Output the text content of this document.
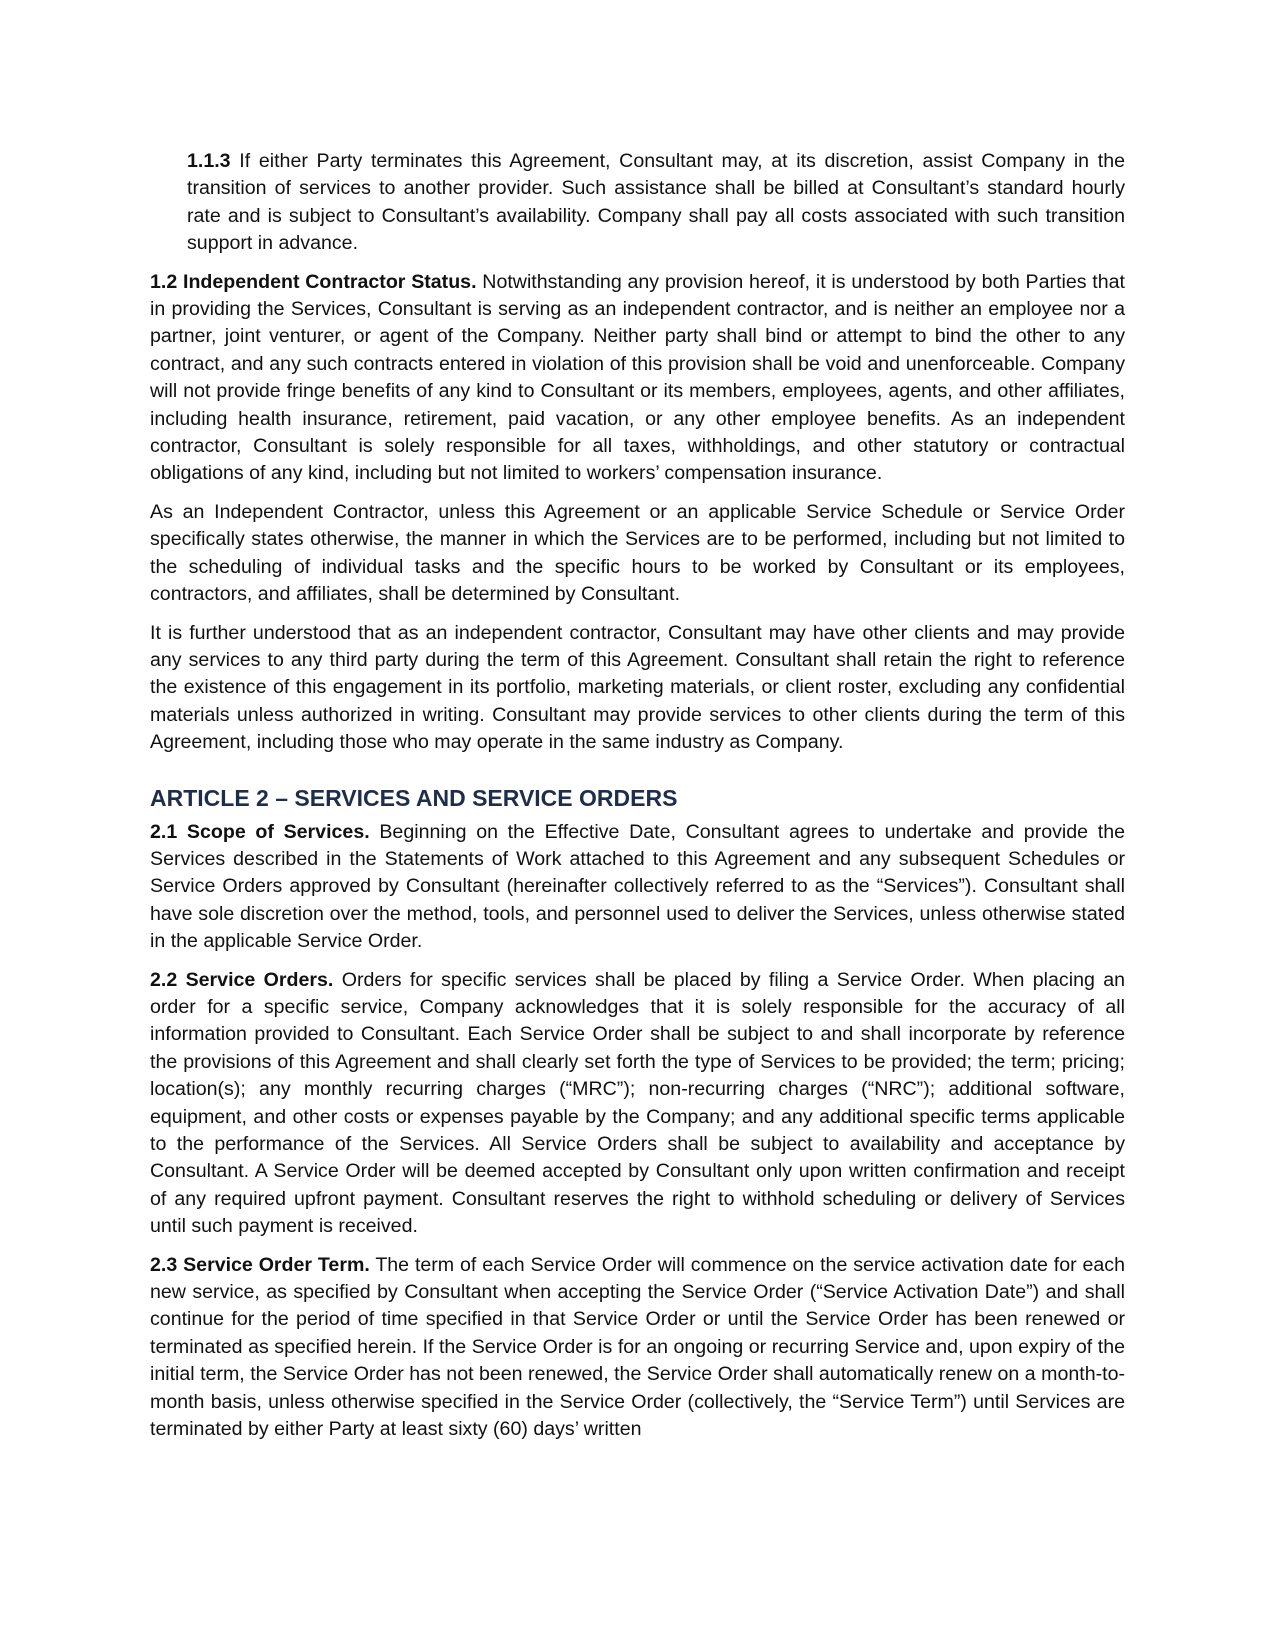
1.1.3 If either Party terminates this Agreement, Consultant may, at its discretion, assist Company in the transition of services to another provider. Such assistance shall be billed at Consultant’s standard hourly rate and is subject to Consultant’s availability. Company shall pay all costs associated with such transition support in advance.

1.2 Independent Contractor Status. Notwithstanding any provision hereof, it is understood by both Parties that in providing the Services, Consultant is serving as an independent contractor, and is neither an employee nor a partner, joint venturer, or agent of the Company. Neither party shall bind or attempt to bind the other to any contract, and any such contracts entered in violation of this provision shall be void and unenforceable. Company will not provide fringe benefits of any kind to Consultant or its members, employees, agents, and other affiliates, including health insurance, retirement, paid vacation, or any other employee benefits. As an independent contractor, Consultant is solely responsible for all taxes, withholdings, and other statutory or contractual obligations of any kind, including but not limited to workers’ compensation insurance.

As an Independent Contractor, unless this Agreement or an applicable Service Schedule or Service Order specifically states otherwise, the manner in which the Services are to be performed, including but not limited to the scheduling of individual tasks and the specific hours to be worked by Consultant or its employees, contractors, and affiliates, shall be determined by Consultant.

It is further understood that as an independent contractor, Consultant may have other clients and may provide any services to any third party during the term of this Agreement. Consultant shall retain the right to reference the existence of this engagement in its portfolio, marketing materials, or client roster, excluding any confidential materials unless authorized in writing. Consultant may provide services to other clients during the term of this Agreement, including those who may operate in the same industry as Company.

ARTICLE 2 – SERVICES AND SERVICE ORDERS

2.1 Scope of Services. Beginning on the Effective Date, Consultant agrees to undertake and provide the Services described in the Statements of Work attached to this Agreement and any subsequent Schedules or Service Orders approved by Consultant (hereinafter collectively referred to as the “Services”). Consultant shall have sole discretion over the method, tools, and personnel used to deliver the Services, unless otherwise stated in the applicable Service Order.

2.2 Service Orders. Orders for specific services shall be placed by filing a Service Order. When placing an order for a specific service, Company acknowledges that it is solely responsible for the accuracy of all information provided to Consultant. Each Service Order shall be subject to and shall incorporate by reference the provisions of this Agreement and shall clearly set forth the type of Services to be provided; the term; pricing; location(s); any monthly recurring charges (“MRC”); non-recurring charges (“NRC”); additional software, equipment, and other costs or expenses payable by the Company; and any additional specific terms applicable to the performance of the Services. All Service Orders shall be subject to availability and acceptance by Consultant. A Service Order will be deemed accepted by Consultant only upon written confirmation and receipt of any required upfront payment. Consultant reserves the right to withhold scheduling or delivery of Services until such payment is received.

2.3 Service Order Term. The term of each Service Order will commence on the service activation date for each new service, as specified by Consultant when accepting the Service Order (“Service Activation Date”) and shall continue for the period of time specified in that Service Order or until the Service Order has been renewed or terminated as specified herein. If the Service Order is for an ongoing or recurring Service and, upon expiry of the initial term, the Service Order has not been renewed, the Service Order shall automatically renew on a month-to-month basis, unless otherwise specified in the Service Order (collectively, the “Service Term”) until Services are terminated by either Party at least sixty (60) days’ written
